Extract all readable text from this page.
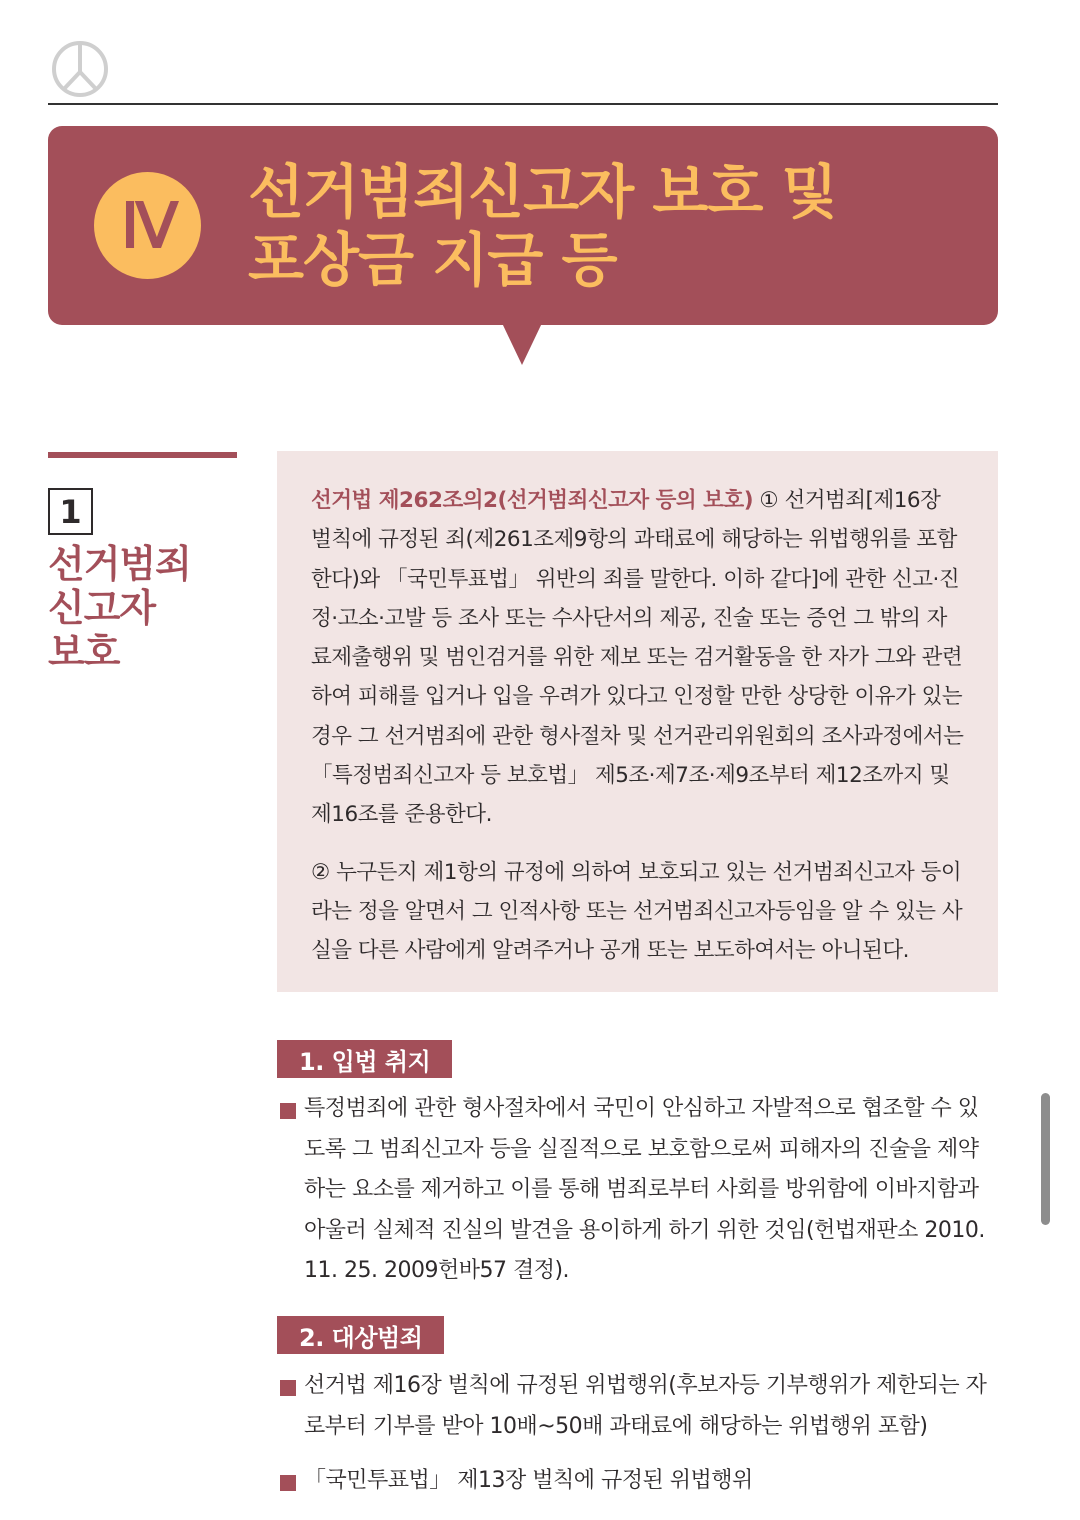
Ⅳ	선거범죄신고자 보호 및
포상금 지급 등
1
선거범죄
신고자
보호

선거법 제262조의2(선거범죄신고자 등의 보호) ① 선거범죄[제16장 벌칙에 규정된 죄(제261조제9항의 과태료에 해당하는 위법행위를 포함한다)와 「국민투표법」 위반의 죄를 말한다. 이하 같다]에 관한 신고·진정·고소·고발 등 조사 또는 수사단서의 제공, 진술 또는 증언 그 밖의 자료제출행위 및 범인검거를 위한 제보 또는 검거활동을 한 자가 그와 관련하여 피해를 입거나 입을 우려가 있다고 인정할 만한 상당한 이유가 있는 경우 그 선거범죄에 관한 형사절차 및 선거관리위원회의 조사과정에서는 「특정범죄신고자 등 보호법」 제5조·제7조·제9조부터 제12조까지 및 제16조를 준용한다.

② 누구든지 제1항의 규정에 의하여 보호되고 있는 선거범죄신고자 등이라는 정을 알면서 그 인적사항 또는 선거범죄신고자등임을 알 수 있는 사실을 다른 사람에게 알려주거나 공개 또는 보도하여서는 아니된다.

1. 입법 취지

특정범죄에 관한 형사절차에서 국민이 안심하고 자발적으로 협조할 수 있도록 그 범죄신고자 등을 실질적으로 보호함으로써 피해자의 진술을 제약하는 요소를 제거하고 이를 통해 범죄로부터 사회를 방위함에 이바지함과 아울러 실체적 진실의 발견을 용이하게 하기 위한 것임(헌법재판소 2010. 11. 25. 2009헌바57 결정).

2. 대상범죄

선거법 제16장 벌칙에 규정된 위법행위(후보자등 기부행위가 제한되는 자로부터 기부를 받아 10배~50배 과태료에 해당하는 위법행위 포함)

「국민투표법」 제13장 벌칙에 규정된 위법행위
